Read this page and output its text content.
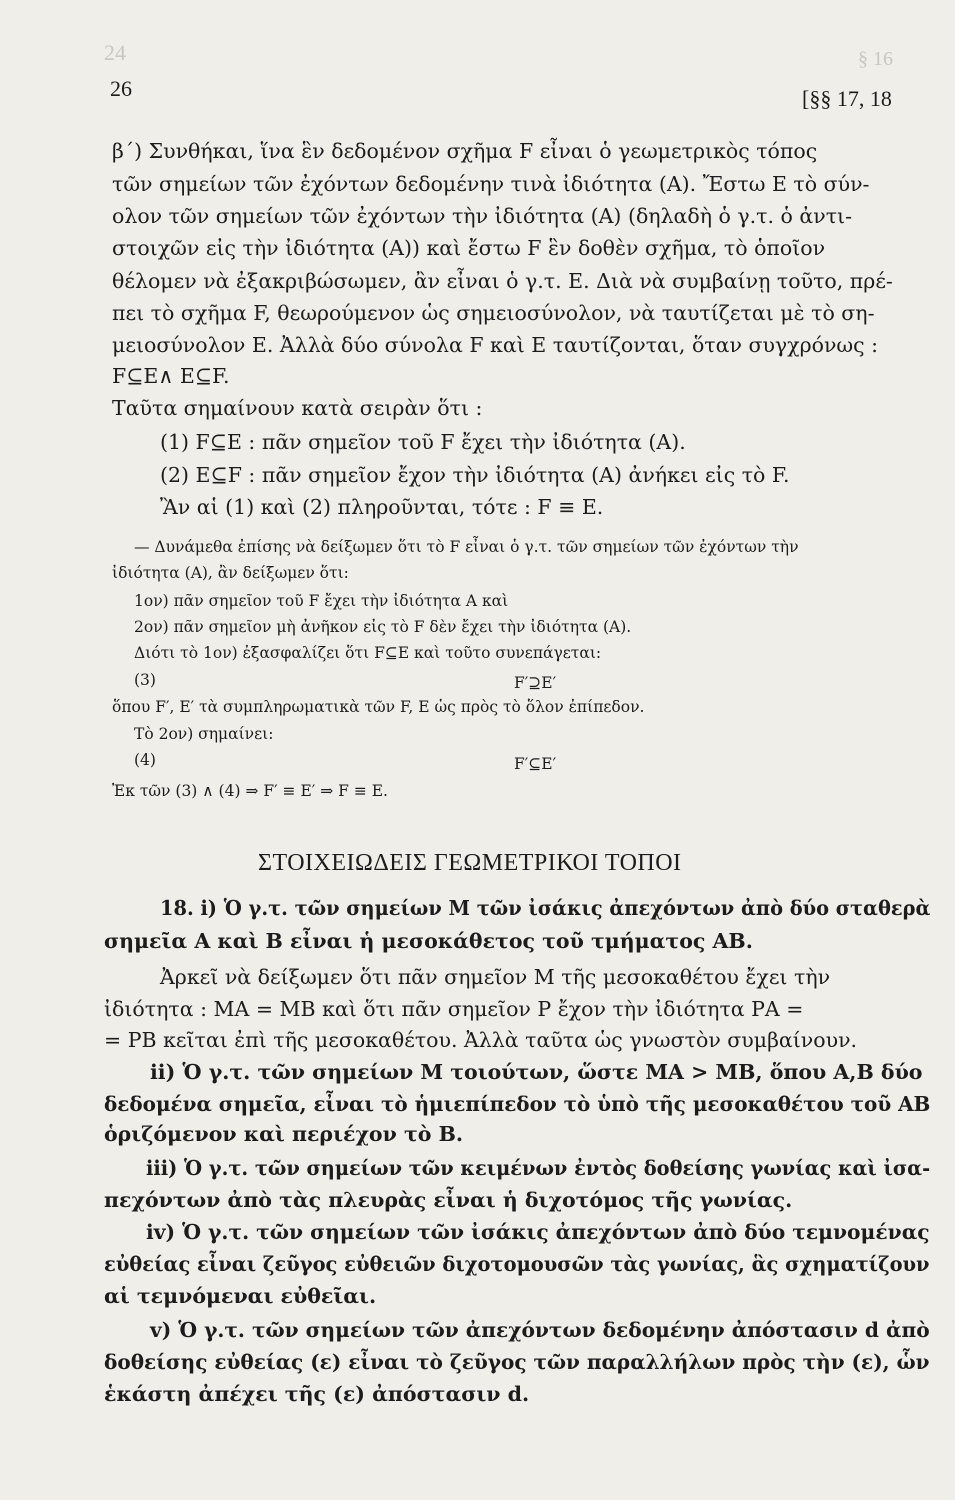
24	§ 16
26	[§§ 17, 18
β΄) Συνθήκαι, ἵνα ἓν δεδομένον σχῆμα F εἶναι ὁ γεωμετρικὸς τόπος
τῶν σημείων τῶν ἐχόντων δεδομένην τινὰ ἰδιότητα (Α). Ἔστω Ε τὸ σύν-
ολον τῶν σημείων τῶν ἐχόντων τὴν ἰδιότητα (Α) (δηλαδὴ ὁ γ.τ. ὁ ἀντι-
στοιχῶν εἰς τὴν ἰδιότητα (Α)) καὶ ἔστω F ἓν δοθὲν σχῆμα, τὸ ὁποῖον
θέλομεν νὰ ἐξακριβώσωμεν, ἂν εἶναι ὁ γ.τ. Ε. Διὰ νὰ συμβαίνῃ τοῦτο, πρέ-
πει τὸ σχῆμα F, θεωρούμενον ὡς σημειοσύνολον, νὰ ταυτίζεται μὲ τὸ ση-
μειοσύνολον Ε. Ἀλλὰ δύο σύνολα F καὶ Ε ταυτίζονται, ὅταν συγχρόνως :
F⊆E∧ E⊆F.
Ταῦτα σημαίνουν κατὰ σειρὰν ὅτι :
(1) F⊆E : πᾶν σημεῖον τοῦ F ἔχει τὴν ἰδιότητα (Α).
(2) E⊆F : πᾶν σημεῖον ἔχον τὴν ἰδιότητα (Α) ἀνήκει εἰς τὸ F.
Ἂν αἱ (1) καὶ (2) πληροῦνται, τότε : F ≡ E.
— Δυνάμεθα ἐπίσης νὰ δείξωμεν ὅτι τὸ F εἶναι ὁ γ.τ. τῶν σημείων τῶν ἐχόντων τὴν
ἰδιότητα (Α), ἂν δείξωμεν ὅτι:
1ον) πᾶν σημεῖον τοῦ F ἔχει τὴν ἰδιότητα Α καὶ
2ον) πᾶν σημεῖον μὴ ἀνῆκον εἰς τὸ F δὲν ἔχει τὴν ἰδιότητα (Α).
Διότι τὸ 1ον) ἐξασφαλίζει ὅτι F⊆E καὶ τοῦτο συνεπάγεται:
(3)	F′⊇E′
ὅπου F′, E′ τὰ συμπληρωματικὰ τῶν F, E ὡς πρὸς τὸ ὅλον ἐπίπεδον.
Τὸ 2ον) σημαίνει:
(4)	F′⊆E′
Ἐκ τῶν (3) ∧ (4) ⇒ F′ ≡ E′ ⇒ F ≡ E.
ΣΤΟΙΧΕΙΩΔΕΙΣ ΓΕΩΜΕΤΡΙΚΟΙ ΤΟΠΟΙ
18. i) Ὁ γ.τ. τῶν σημείων Μ τῶν ἰσάκις ἀπεχόντων ἀπὸ δύο σταθερὰ
σημεῖα Α καὶ Β εἶναι ἡ μεσοκάθετος τοῦ τμήματος ΑΒ.
Ἀρκεῖ νὰ δείξωμεν ὅτι πᾶν σημεῖον Μ τῆς μεσοκαθέτου ἔχει τὴν
ἰδιότητα : ΜΑ = ΜΒ καὶ ὅτι πᾶν σημεῖον Ρ ἔχον τὴν ἰδιότητα ΡΑ =
= ΡΒ κεῖται ἐπὶ τῆς μεσοκαθέτου. Ἀλλὰ ταῦτα ὡς γνωστὸν συμβαίνουν.
ii) Ὁ γ.τ. τῶν σημείων Μ τοιούτων, ὥστε ΜΑ > ΜΒ, ὅπου Α,Β δύο
δεδομένα σημεῖα, εἶναι τὸ ἡμιεπίπεδον τὸ ὑπὸ τῆς μεσοκαθέτου τοῦ ΑΒ
ὁριζόμενον καὶ περιέχον τὸ Β.
iii) Ὁ γ.τ. τῶν σημείων τῶν κειμένων ἐντὸς δοθείσης γωνίας καὶ ἰσα-
πεχόντων ἀπὸ τὰς πλευρὰς εἶναι ἡ διχοτόμος τῆς γωνίας.
iv) Ὁ γ.τ. τῶν σημείων τῶν ἰσάκις ἀπεχόντων ἀπὸ δύο τεμνομένας
εὐθείας εἶναι ζεῦγος εὐθειῶν διχοτομουσῶν τὰς γωνίας, ἃς σχηματίζουν
αἱ τεμνόμεναι εὐθεῖαι.
v) Ὁ γ.τ. τῶν σημείων τῶν ἀπεχόντων δεδομένην ἀπόστασιν d ἀπὸ
δοθείσης εὐθείας (ε) εἶναι τὸ ζεῦγος τῶν παραλλήλων πρὸς τὴν (ε), ὧν
ἑκάστη ἀπέχει τῆς (ε) ἀπόστασιν d.
